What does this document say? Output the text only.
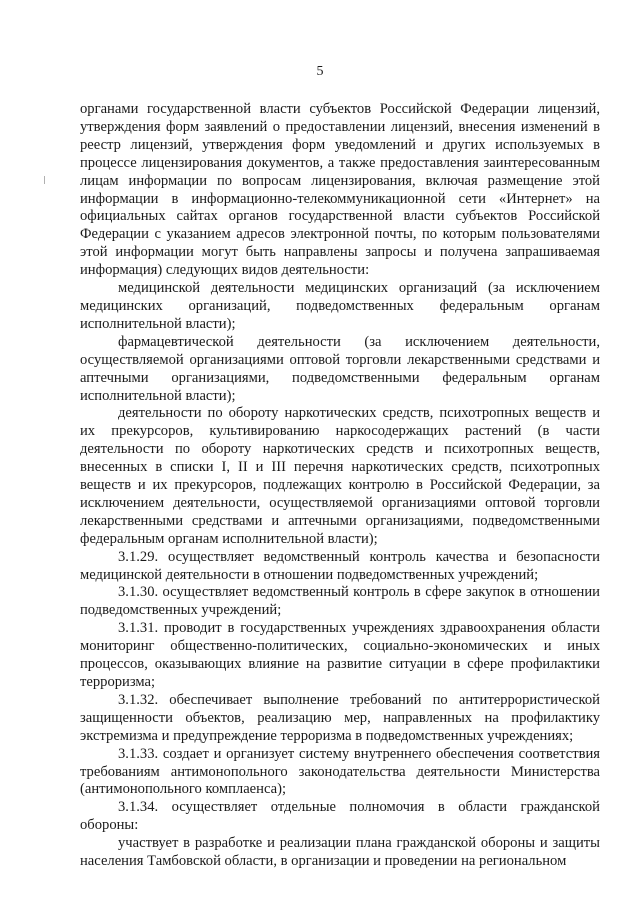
5

органами государственной власти субъектов Российской Федерации лицензий, утверждения форм заявлений о предоставлении лицензий, внесения изменений в реестр лицензий, утверждения форм уведомлений и других используемых в процессе лицензирования документов, а также предоставления заинтересованным лицам информации по вопросам лицензирования, включая размещение этой информации в информационно-телекоммуникационной сети «Интернет» на официальных сайтах органов государственной власти субъектов Российской Федерации с указанием адресов электронной почты, по которым пользователями этой информации могут быть направлены запросы и получена запрашиваемая информация) следующих видов деятельности:

медицинской деятельности медицинских организаций (за исключением медицинских организаций, подведомственных федеральным органам исполнительной власти);

фармацевтической деятельности (за исключением деятельности, осуществляемой организациями оптовой торговли лекарственными средствами и аптечными организациями, подведомственными федеральным органам исполнительной власти);

деятельности по обороту наркотических средств, психотропных веществ и их прекурсоров, культивированию наркосодержащих растений (в части деятельности по обороту наркотических средств и психотропных веществ, внесенных в списки I, II и III перечня наркотических средств, психотропных веществ и их прекурсоров, подлежащих контролю в Российской Федерации, за исключением деятельности, осуществляемой организациями оптовой торговли лекарственными средствами и аптечными организациями, подведомственными федеральным органам исполнительной власти);

3.1.29. осуществляет ведомственный контроль качества и безопасности медицинской деятельности в отношении подведомственных учреждений;

3.1.30. осуществляет ведомственный контроль в сфере закупок в отношении подведомственных учреждений;

3.1.31. проводит в государственных учреждениях здравоохранения области мониторинг общественно-политических, социально-экономических и иных процессов, оказывающих влияние на развитие ситуации в сфере профилактики терроризма;

3.1.32. обеспечивает выполнение требований по антитеррористической защищенности объектов, реализацию мер, направленных на профилактику экстремизма и предупреждение терроризма в подведомственных учреждениях;

3.1.33. создает и организует систему внутреннего обеспечения соответствия требованиям антимонопольного законодательства деятельности Министерства (антимонопольного комплаенса);

3.1.34. осуществляет отдельные полномочия в области гражданской обороны:

участвует в разработке и реализации плана гражданской обороны и защиты населения Тамбовской области, в организации и проведении на региональном
